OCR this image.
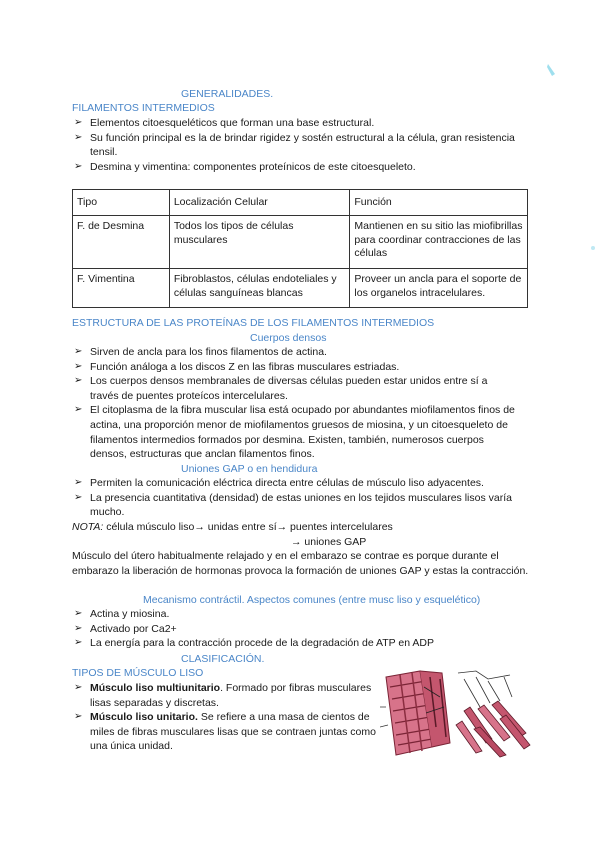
GENERALIDADES.
FILAMENTOS INTERMEDIOS
➢ Elementos citoesqueléticos que forman una base estructural.
➢ Su función principal es la de brindar rigidez y sostén estructural a la célula, gran resistencia tensil.
➢ Desmina y vimentina: componentes proteínicos de este citoesqueleto.
Tipo	Localización Celular	Función
F. de Desmina	Todos los tipos de células musculares	Mantienen en su sitio las miofibrillas para coordinar contracciones de las células
F. Vimentina	Fibroblastos, células endoteliales y células sanguíneas blancas	Proveer un ancla para el soporte de los organelos intracelulares.
ESTRUCTURA DE LAS PROTEÍNAS DE LOS FILAMENTOS INTERMEDIOS
Cuerpos densos
➢ Sirven de ancla para los finos filamentos de actina.
➢ Función análoga a los discos Z en las fibras musculares estriadas.
➢ Los cuerpos densos membranales de diversas células pueden estar unidos entre sí a través de puentes proteícos intercelulares.
➢ El citoplasma de la fibra muscular lisa está ocupado por abundantes miofilamentos finos de actina, una proporción menor de miofilamentos gruesos de miosina, y un citoesqueleto de filamentos intermedios formados por desmina. Existen, también, numerosos cuerpos densos, estructuras que anclan filamentos finos.
Uniones GAP o en hendidura
➢ Permiten la comunicación eléctrica directa entre células de músculo liso adyacentes.
➢ La presencia cuantitativa (densidad) de estas uniones en los tejidos musculares lisos varía mucho.
NOTA: célula músculo liso→ unidas entre sí→ puentes intercelulares
→ uniones GAP
Músculo del útero habitualmente relajado y en el embarazo se contrae es porque durante el embarazo la liberación de hormonas provoca la formación de uniones GAP y estas la contracción.
Mecanismo contráctil. Aspectos comunes (entre musc liso y esquelético)
➢ Actina y miosina.
➢ Activado por Ca2+
➢ La energía para la contracción procede de la degradación de ATP en ADP
CLASIFICACIÓN.
TIPOS DE MÚSCULO LISO
➢ Músculo liso multiunitario. Formado por fibras musculares lisas separadas y discretas.
➢ Músculo liso unitario. Se refiere a una masa de cientos de miles de fibras musculares lisas que se contraen juntas como una única unidad.
